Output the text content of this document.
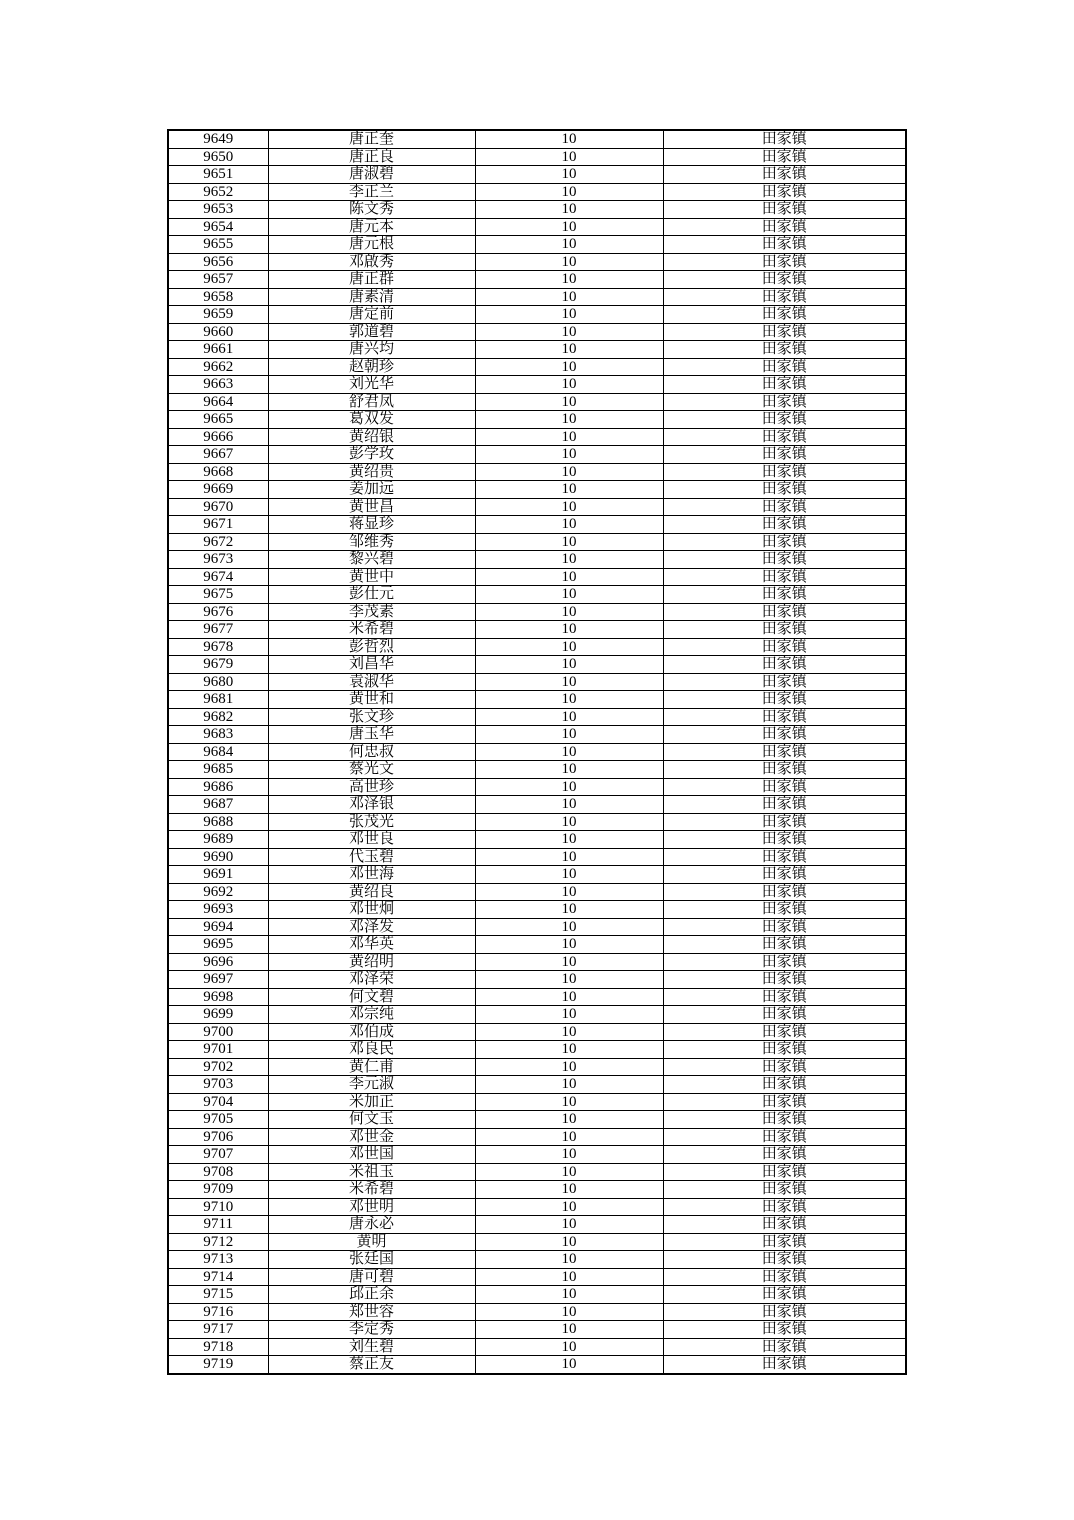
9649	唐正奎	10	田家镇
9650	唐正良	10	田家镇
9651	唐淑碧	10	田家镇
9652	李正兰	10	田家镇
9653	陈文秀	10	田家镇
9654	唐元本	10	田家镇
9655	唐元根	10	田家镇
9656	邓啟秀	10	田家镇
9657	唐正群	10	田家镇
9658	唐素清	10	田家镇
9659	唐定前	10	田家镇
9660	郭道碧	10	田家镇
9661	唐兴均	10	田家镇
9662	赵朝珍	10	田家镇
9663	刘光华	10	田家镇
9664	舒君凤	10	田家镇
9665	葛双发	10	田家镇
9666	黄绍银	10	田家镇
9667	彭学玫	10	田家镇
9668	黄绍贵	10	田家镇
9669	姜加远	10	田家镇
9670	黄世昌	10	田家镇
9671	蒋显珍	10	田家镇
9672	邹维秀	10	田家镇
9673	黎兴碧	10	田家镇
9674	黄世中	10	田家镇
9675	彭仕元	10	田家镇
9676	李茂素	10	田家镇
9677	米希碧	10	田家镇
9678	彭哲烈	10	田家镇
9679	刘昌华	10	田家镇
9680	袁淑华	10	田家镇
9681	黄世和	10	田家镇
9682	张文珍	10	田家镇
9683	唐玉华	10	田家镇
9684	何忠叔	10	田家镇
9685	蔡光文	10	田家镇
9686	高世珍	10	田家镇
9687	邓泽银	10	田家镇
9688	张茂光	10	田家镇
9689	邓世良	10	田家镇
9690	代玉碧	10	田家镇
9691	邓世海	10	田家镇
9692	黄绍良	10	田家镇
9693	邓世炯	10	田家镇
9694	邓泽发	10	田家镇
9695	邓华英	10	田家镇
9696	黄绍明	10	田家镇
9697	邓泽荣	10	田家镇
9698	何文碧	10	田家镇
9699	邓宗纯	10	田家镇
9700	邓伯成	10	田家镇
9701	邓良民	10	田家镇
9702	黄仁甫	10	田家镇
9703	李元淑	10	田家镇
9704	米加正	10	田家镇
9705	何文玉	10	田家镇
9706	邓世金	10	田家镇
9707	邓世国	10	田家镇
9708	米祖玉	10	田家镇
9709	米希碧	10	田家镇
9710	邓世明	10	田家镇
9711	唐永必	10	田家镇
9712	黄明	10	田家镇
9713	张廷国	10	田家镇
9714	唐可碧	10	田家镇
9715	邱正余	10	田家镇
9716	郑世容	10	田家镇
9717	李定秀	10	田家镇
9718	刘生碧	10	田家镇
9719	蔡正友	10	田家镇
